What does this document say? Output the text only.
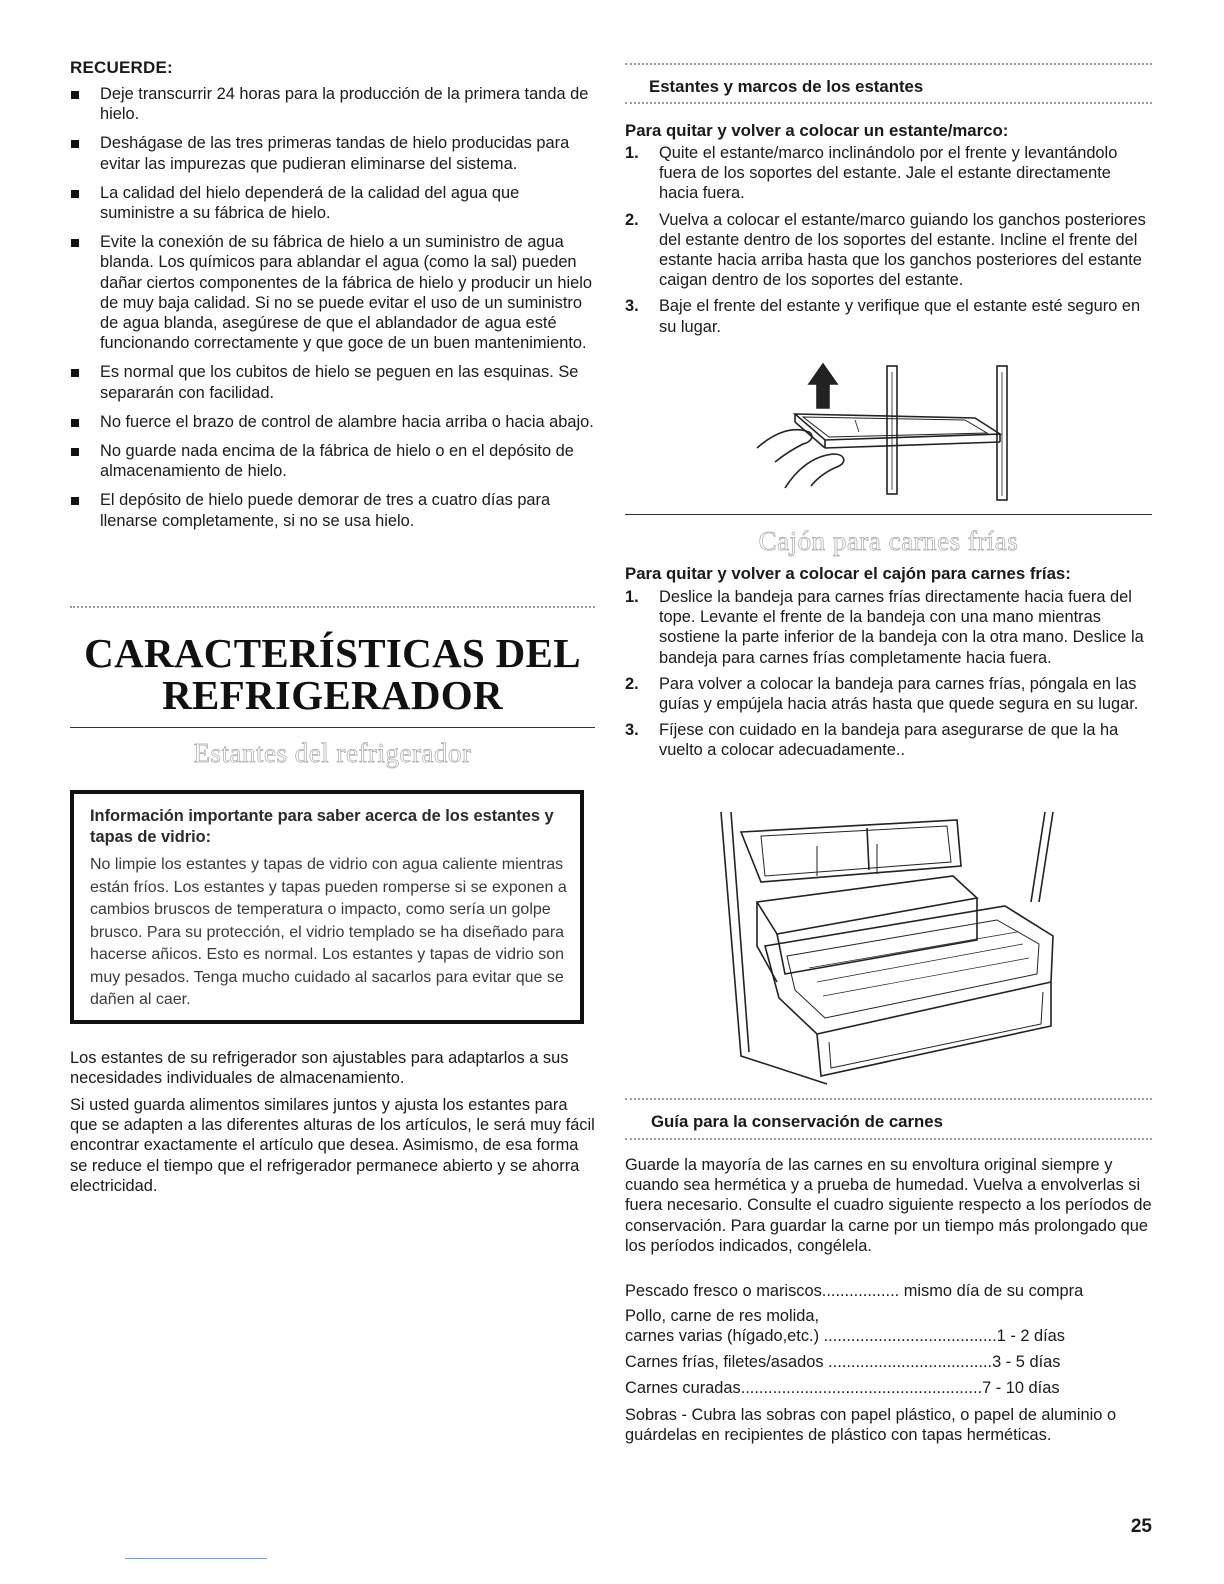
RECUERDE:
Deje transcurrir 24 horas para la producción de la primera tanda de hielo.
Deshágase de las tres primeras tandas de hielo producidas para evitar las impurezas que pudieran eliminarse del sistema.
La calidad del hielo dependerá de la calidad del agua que suministre a su fábrica de hielo.
Evite la conexión de su fábrica de hielo a un suministro de agua blanda. Los químicos para ablandar el agua (como la sal) pueden dañar ciertos componentes de la fábrica de hielo y producir un hielo de muy baja calidad. Si no se puede evitar el uso de un suministro de agua blanda, asegúrese de que el ablandador de agua esté funcionando correctamente y que goce de un buen mantenimiento.
Es normal que los cubitos de hielo se peguen en las esquinas. Se separarán con facilidad.
No fuerce el brazo de control de alambre hacia arriba o hacia abajo.
No guarde nada encima de la fábrica de hielo o en el depósito de almacenamiento de hielo.
El depósito de hielo puede demorar de tres a cuatro días para llenarse completamente, si no se usa hielo.
CARACTERÍSTICAS DEL
REFRIGERADOR
Estantes del refrigerador
Información importante para saber acerca de los estantes y tapas de vidrio:
No limpie los estantes y tapas de vidrio con agua caliente mientras están fríos. Los estantes y tapas pueden romperse si se exponen a cambios bruscos de temperatura o impacto, como sería un golpe brusco. Para su protección, el vidrio templado se ha diseñado para hacerse añicos. Esto es normal. Los estantes y tapas de vidrio son muy pesados. Tenga mucho cuidado al sacarlos para evitar que se dañen al caer.

Los estantes de su refrigerador son ajustables para adaptarlos a sus necesidades individuales de almacenamiento.

Si usted guarda alimentos similares juntos y ajusta los estantes para que se adapten a las diferentes alturas de los artículos, le será muy fácil encontrar exactamente el artículo que desea. Asimismo, de esa forma se reduce el tiempo que el refrigerador permanece abierto y se ahorra electricidad.

Estantes y marcos de los estantes
Para quitar y volver a colocar un estante/marco:
1. Quite el estante/marco inclinándolo por el frente y levantándolo fuera de los soportes del estante. Jale el estante directamente hacia fuera.
2. Vuelva a colocar el estante/marco guiando los ganchos posteriores del estante dentro de los soportes del estante. Incline el frente del estante hacia arriba hasta que los ganchos posteriores del estante caigan dentro de los soportes del estante.
3. Baje el frente del estante y verifique que el estante esté seguro en su lugar.
Cajón para carnes frías
Para quitar y volver a colocar el cajón para carnes frías:
1. Deslice la bandeja para carnes frías directamente hacia fuera del tope. Levante el frente de la bandeja con una mano mientras sostiene la parte inferior de la bandeja con la otra mano. Deslice la bandeja para carnes frías completamente hacia fuera.
2. Para volver a colocar la bandeja para carnes frías, póngala en las guías y empújela hacia atrás hasta que quede segura en su lugar.
3. Fíjese con cuidado en la bandeja para asegurarse de que la ha vuelto a colocar adecuadamente..
Guía para la conservación de carnes
Guarde la mayoría de las carnes en su envoltura original siempre y cuando sea hermética y a prueba de humedad. Vuelva a envolverlas si fuera necesario. Consulte el cuadro siguiente respecto a los períodos de conservación. Para guardar la carne por un tiempo más prolongado que los períodos indicados, congélela.
Pescado fresco o mariscos................. mismo día de su compra
Pollo, carne de res molida,
carnes varias (hígado,etc.) ......................................1 - 2 días
Carnes frías, filetes/asados ....................................3 - 5 días
Carnes curadas.....................................................7 - 10 días
Sobras - Cubra las sobras con papel plástico, o papel de aluminio o guárdelas en recipientes de plástico con tapas herméticas.
25
